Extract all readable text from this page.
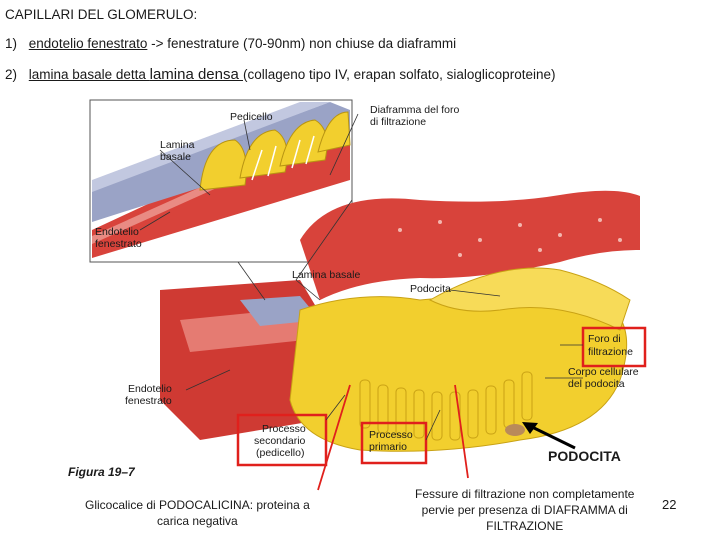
CAPILLARI DEL GLOMERULO:
1) endotelio fenestrato -> fenestrature (70-90nm) non chiuse da diaframmi
2) lamina basale detta lamina densa (collageno tipo IV, erapan solfato, sialoglicoproteine)
Lamina
basale
Pedicello
Diaframma del foro
di filtrazione
Endotelio
fenestrato
Lamina basale
Podocita
Foro di
filtrazione
Corpo cellulare
del podocita
Endotelio
fenestrato
Processo
secondario
(pedicello)
Processo
primario
Figura 19–7
PODOCITA
Glicocalice di PODOCALICINA: proteina a
carica negativa
Fessure di filtrazione non completamente
pervie per presenza di DIAFRAMMA di
FILTRAZIONE
22
